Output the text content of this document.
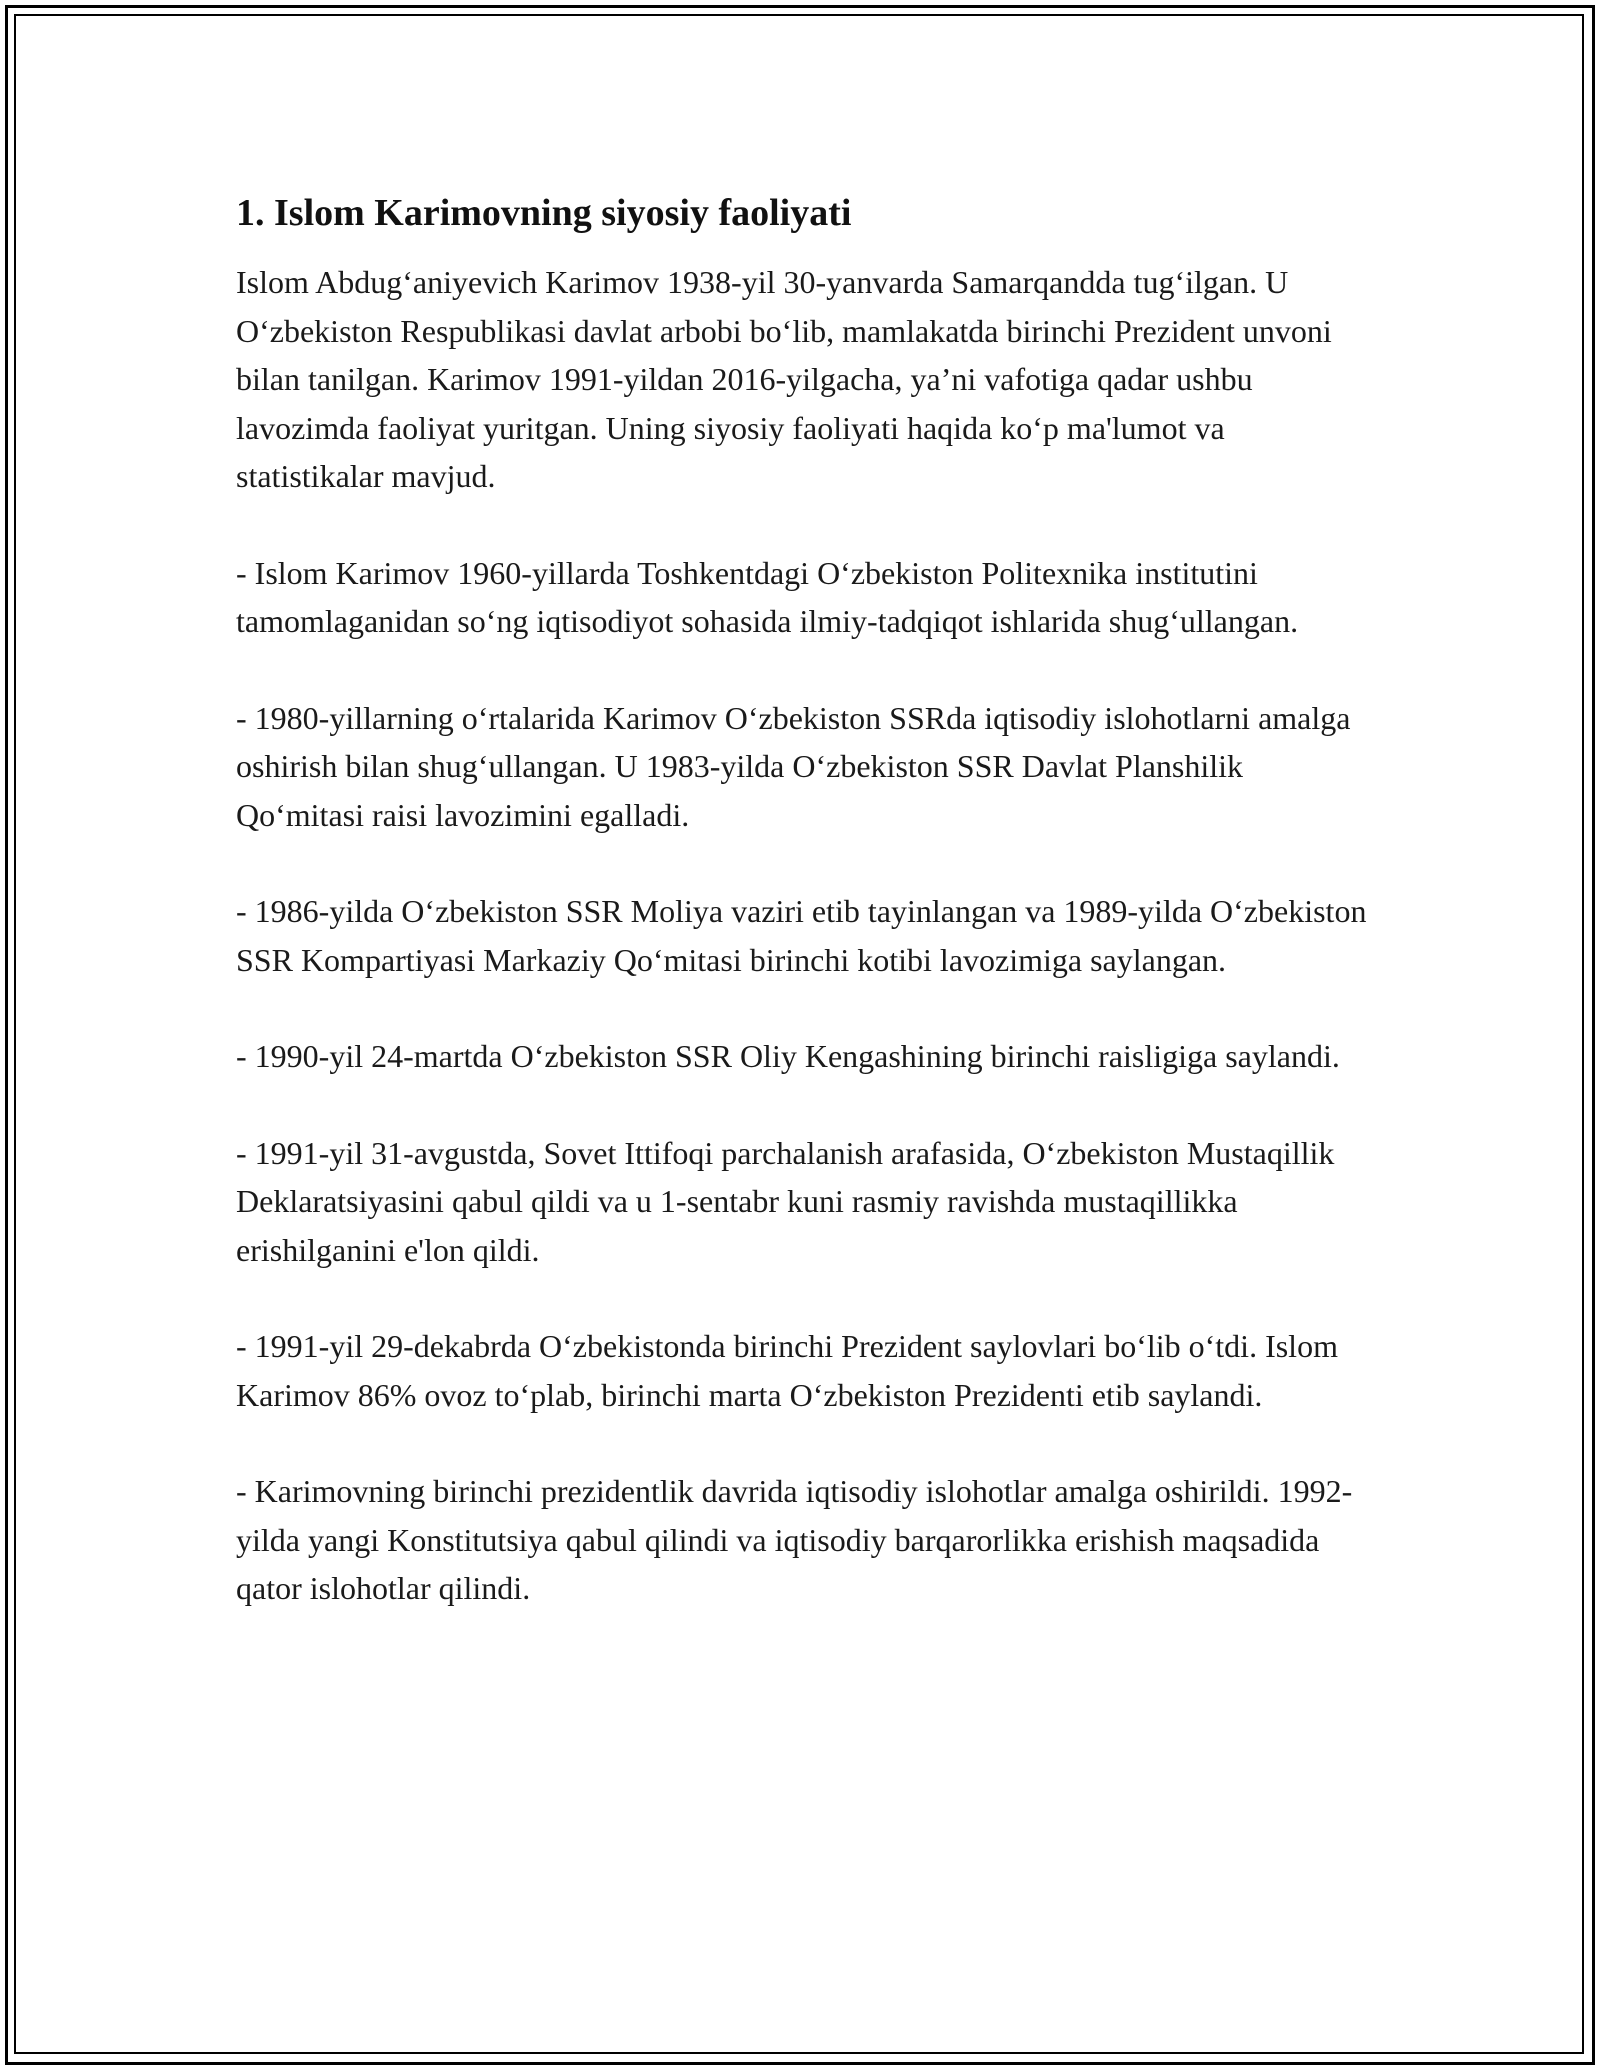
1. Islom Karimovning siyosiy faoliyati

Islom Abdugʻaniyevich Karimov 1938-yil 30-yanvarda Samarqandda tugʻilgan. U Oʻzbekiston Respublikasi davlat arbobi boʻlib, mamlakatda birinchi Prezident unvoni bilan tanilgan. Karimov 1991-yildan 2016-yilgacha, ya’ni vafotiga qadar ushbu lavozimda faoliyat yuritgan. Uning siyosiy faoliyati haqida koʻp ma'lumot va statistikalar mavjud.

- Islom Karimov 1960-yillarda Toshkentdagi Oʻzbekiston Politexnika institutini tamomlaganidan soʻng iqtisodiyot sohasida ilmiy-tadqiqot ishlarida shugʻullangan.

- 1980-yillarning oʻrtalarida Karimov Oʻzbekiston SSRda iqtisodiy islohotlarni amalga oshirish bilan shugʻullangan. U 1983-yilda Oʻzbekiston SSR Davlat Planshilik Qoʻmitasi raisi lavozimini egalladi.

- 1986-yilda Oʻzbekiston SSR Moliya vaziri etib tayinlangan va 1989-yilda Oʻzbekiston SSR Kompartiyasi Markaziy Qoʻmitasi birinchi kotibi lavozimiga saylangan.

- 1990-yil 24-martda Oʻzbekiston SSR Oliy Kengashining birinchi raisligiga saylandi.

- 1991-yil 31-avgustda, Sovet Ittifoqi parchalanish arafasida, Oʻzbekiston Mustaqillik Deklaratsiyasini qabul qildi va u 1-sentabr kuni rasmiy ravishda mustaqillikka erishilganini e'lon qildi.

- 1991-yil 29-dekabrda Oʻzbekistonda birinchi Prezident saylovlari boʻlib oʻtdi. Islom Karimov 86% ovoz toʻplab, birinchi marta Oʻzbekiston Prezidenti etib saylandi.

- Karimovning birinchi prezidentlik davrida iqtisodiy islohotlar amalga oshirildi. 1992-yilda yangi Konstitutsiya qabul qilindi va iqtisodiy barqarorlikka erishish maqsadida qator islohotlar qilindi.
